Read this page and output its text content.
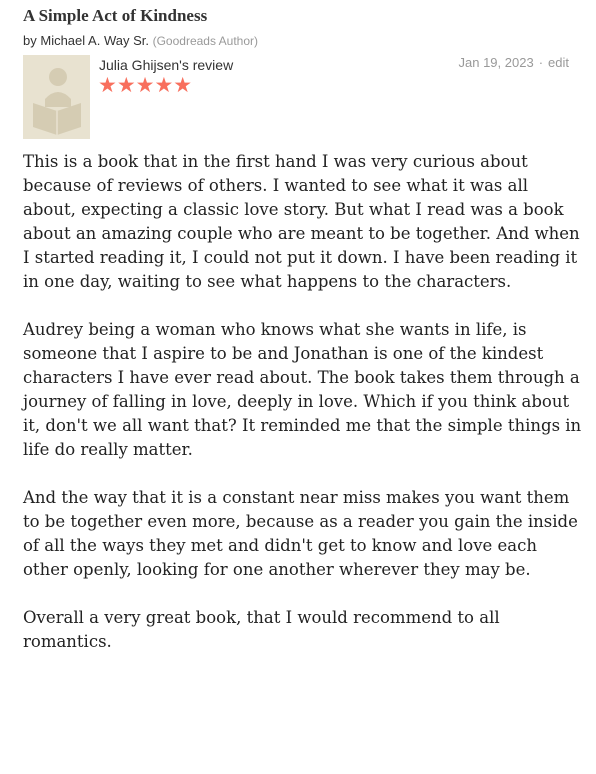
A Simple Act of Kindness
by Michael A. Way Sr. (Goodreads Author)
Julia Ghijsen's review
★★★★★
Jan 19, 2023 · edit

This is a book that in the first hand I was very curious about because of reviews of others. I wanted to see what it was all about, expecting a classic love story. But what I read was a book about an amazing couple who are meant to be together. And when I started reading it, I could not put it down. I have been reading it in one day, waiting to see what happens to the characters.

Audrey being a woman who knows what she wants in life, is someone that I aspire to be and Jonathan is one of the kindest characters I have ever read about. The book takes them through a journey of falling in love, deeply in love. Which if you think about it, don't we all want that? It reminded me that the simple things in life do really matter.

And the way that it is a constant near miss makes you want them to be together even more, because as a reader you gain the inside of all the ways they met and didn't get to know and love each other openly, looking for one another wherever they may be.

Overall a very great book, that I would recommend to all romantics.
